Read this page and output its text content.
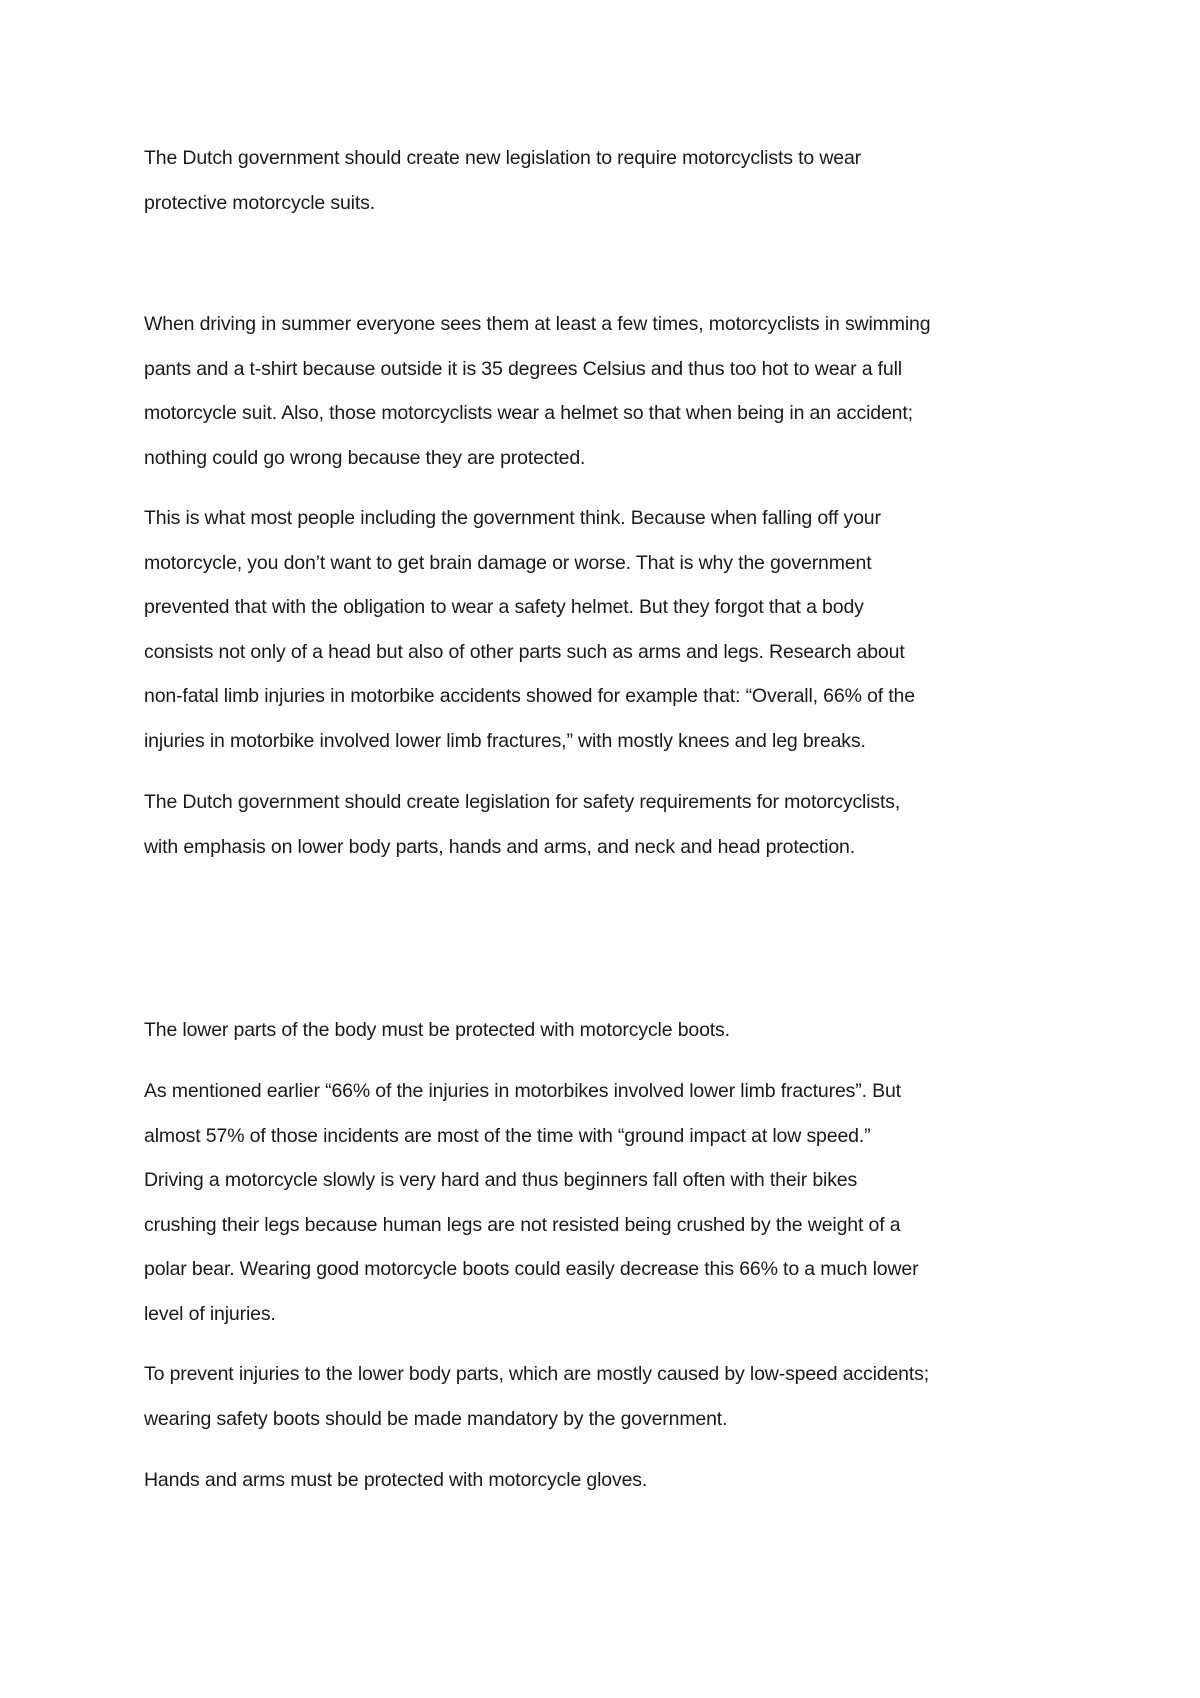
The Dutch government should create new legislation to require motorcyclists to wear
protective motorcycle suits.

When driving in summer everyone sees them at least a few times, motorcyclists in swimming
pants and a t-shirt because outside it is 35 degrees Celsius and thus too hot to wear a full
motorcycle suit. Also, those motorcyclists wear a helmet so that when being in an accident;
nothing could go wrong because they are protected.

This is what most people including the government think. Because when falling off your
motorcycle, you don’t want to get brain damage or worse. That is why the government
prevented that with the obligation to wear a safety helmet. But they forgot that a body
consists not only of a head but also of other parts such as arms and legs. Research about
non-fatal limb injuries in motorbike accidents showed for example that: “Overall, 66% of the
injuries in motorbike involved lower limb fractures,” with mostly knees and leg breaks.

The Dutch government should create legislation for safety requirements for motorcyclists,
with emphasis on lower body parts, hands and arms, and neck and head protection.

The lower parts of the body must be protected with motorcycle boots.

As mentioned earlier “66% of the injuries in motorbikes involved lower limb fractures”. But
almost 57% of those incidents are most of the time with “ground impact at low speed.”
Driving a motorcycle slowly is very hard and thus beginners fall often with their bikes
crushing their legs because human legs are not resisted being crushed by the weight of a
polar bear. Wearing good motorcycle boots could easily decrease this 66% to a much lower
level of injuries.

To prevent injuries to the lower body parts, which are mostly caused by low-speed accidents;
wearing safety boots should be made mandatory by the government.

Hands and arms must be protected with motorcycle gloves.
